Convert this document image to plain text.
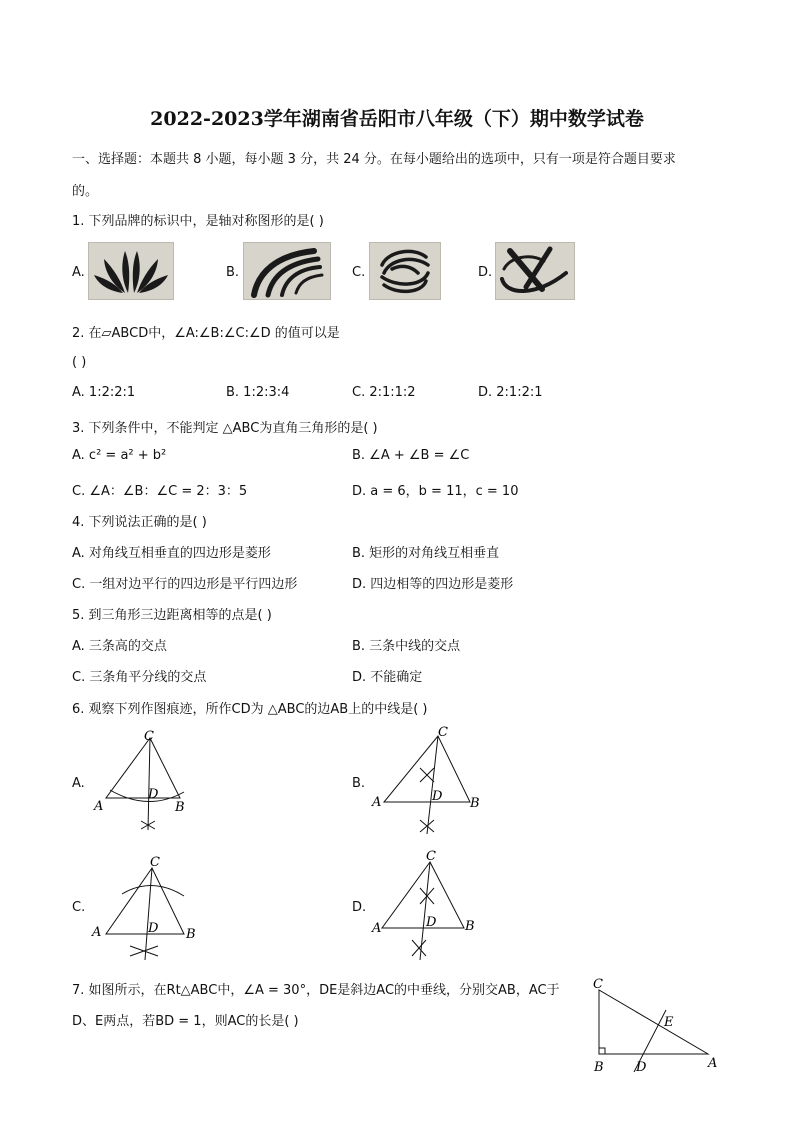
2022-2023学年湖南省岳阳市八年级（下）期中数学试卷
一、选择题：本题共 8 小题，每小题 3 分，共 24 分。在每小题给出的选项中，只有一项是符合题目要求
的。
1. 下列品牌的标识中，是轴对称图形的是( )
A.	B.	C.	D.
2. 在▱ABCD中，∠A:∠B:∠C:∠D 的值可以是
( )
A. 1:2:2:1	B. 1:2:3:4	C. 2:1:1:2	D. 2:1:2:1
3. 下列条件中，不能判定 △ABC为直角三角形的是( )
A. c² = a² + b²	B. ∠A + ∠B = ∠C
C. ∠A：∠B：∠C = 2：3：5	D. a = 6，b = 11，c = 10
4. 下列说法正确的是( )
A. 对角线互相垂直的四边形是菱形	B. 矩形的对角线互相垂直
C. 一组对边平行的四边形是平行四边形	D. 四边相等的四边形是菱形
5. 到三角形三边距离相等的点是( )
A. 三条高的交点	B. 三条中线的交点
C. 三条角平分线的交点	D. 不能确定
6. 观察下列作图痕迹，所作CD为 △ABC的边AB上的中线是( )
A.
C
A	B
D
B.
C
A	B
D
C.
C
A	B
D
D.
C
A	B
D
7. 如图所示，在Rt△ABC中，∠A = 30°，DE是斜边AC的中垂线，分别交AB，AC于
D、E两点，若BD = 1，则AC的长是( )
C
B	A
D
E
